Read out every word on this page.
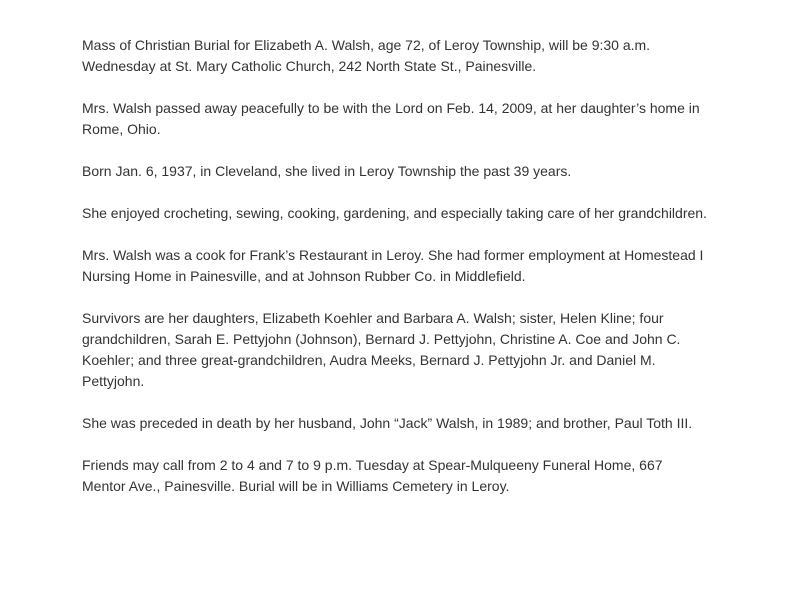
Mass of Christian Burial for Elizabeth A. Walsh, age 72, of Leroy Township, will be 9:30 a.m. Wednesday at St. Mary Catholic Church, 242 North State St., Painesville.

Mrs. Walsh passed away peacefully to be with the Lord on Feb. 14, 2009, at her daughter’s home in Rome, Ohio.

Born Jan. 6, 1937, in Cleveland, she lived in Leroy Township the past 39 years.

She enjoyed crocheting, sewing, cooking, gardening, and especially taking care of her grandchildren.

Mrs. Walsh was a cook for Frank’s Restaurant in Leroy. She had former employment at Homestead I Nursing Home in Painesville, and at Johnson Rubber Co. in Middlefield.

Survivors are her daughters, Elizabeth Koehler and Barbara A. Walsh; sister, Helen Kline; four grandchildren, Sarah E. Pettyjohn (Johnson), Bernard J. Pettyjohn, Christine A. Coe and John C. Koehler; and three great-grandchildren, Audra Meeks, Bernard J. Pettyjohn Jr. and Daniel M. Pettyjohn.

She was preceded in death by her husband, John “Jack” Walsh, in 1989; and brother, Paul Toth III.

Friends may call from 2 to 4 and 7 to 9 p.m. Tuesday at Spear-Mulqueeny Funeral Home, 667 Mentor Ave., Painesville. Burial will be in Williams Cemetery in Leroy.
